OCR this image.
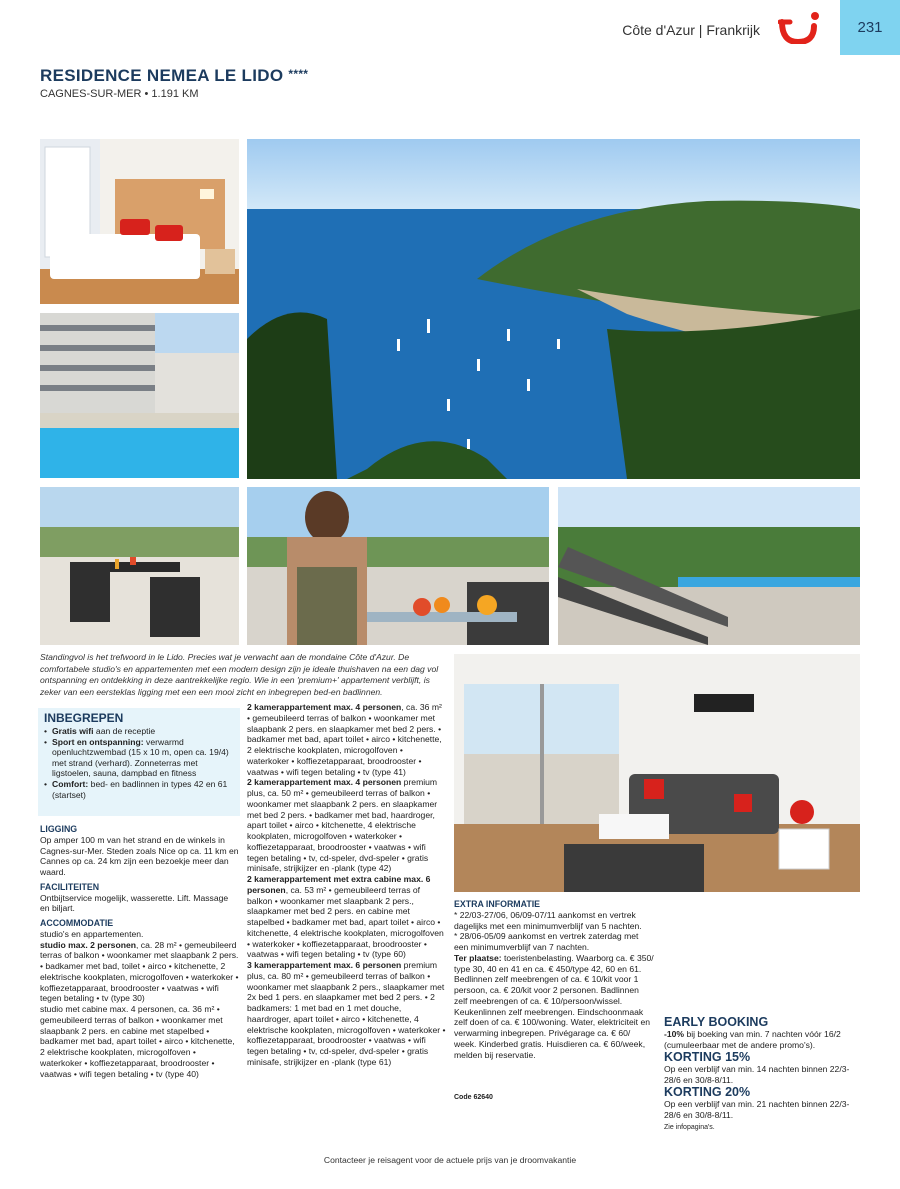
Côte d'Azur | Frankrijk	231
RESIDENCE NEMEA LE LIDO ****
CAGNES-SUR-MER • 1.191 KM
Standingvol is het trefwoord in le Lido. Precies wat je verwacht aan de mondaine Côte d'Azur. De comfortabele studio's en appartementen met een modern design zijn je ideale thuishaven na een dag vol ontspanning en ontdekking in deze aantrekkelijke regio. Wie in een 'premium+' appartement verblijft, is zeker van een eersteklas ligging met een een mooi zicht en inbegrepen bed-en badlinnen.
INBEGREPEN
• Gratis wifi aan de receptie
• Sport en ontspanning: verwarmd openluchtzwembad (15 x 10 m, open ca. 19/4) met strand (verhard). Zonneterras met ligstoelen, sauna, dampbad en fitness
• Comfort: bed- en badlinnen in types 42 en 61 (startset)
LIGGING

Op amper 100 m van het strand en de winkels in Cagnes-sur-Mer. Steden zoals Nice op ca. 11 km en Cannes op ca. 24 km zijn een bezoekje meer dan waard.

FACILITEITEN

Ontbijtservice mogelijk, wasserette. Lift. Massage en biljart.

ACCOMMODATIE

studio's en appartementen.

studio max. 2 personen, ca. 28 m² • gemeubileerd terras of balkon • woonkamer met slaapbank 2 pers. • badkamer met bad, toilet • airco • kitchenette, 2 elektrische kookplaten, microgolfoven • waterkoker • koffiezetapparaat, broodrooster • vaatwas • wifi tegen betaling • tv (type 30)

studio met cabine max. 4 personen, ca. 36 m² • gemeubileerd terras of balkon • woonkamer met slaapbank 2 pers. en cabine met stapelbed • badkamer met bad, apart toilet • airco • kitchenette, 2 elektrische kookplaten, microgolfoven • waterkoker • koffiezetapparaat, broodrooster • vaatwas • wifi tegen betaling • tv (type 40)

2 kamerappartement max. 4 personen, ca. 36 m² • gemeubileerd terras of balkon • woonkamer met slaapbank 2 pers. en slaapkamer met bed 2 pers. • badkamer met bad, apart toilet • airco • kitchenette, 2 elektrische kookplaten, microgolfoven • waterkoker • koffiezetapparaat, broodrooster • vaatwas • wifi tegen betaling • tv (type 41)

2 kamerappartement max. 4 personen premium plus, ca. 50 m² • gemeubileerd terras of balkon • woonkamer met slaapbank 2 pers. en slaapkamer met bed 2 pers. • badkamer met bad, haardroger, apart toilet • airco • kitchenette, 4 elektrische kookplaten, microgolfoven • waterkoker • koffiezetapparaat, broodrooster • vaatwas • wifi tegen betaling • tv, cd-speler, dvd-speler • gratis minisafe, strijkijzer en -plank (type 42)

2 kamerappartement met extra cabine max. 6 personen, ca. 53 m² • gemeubileerd terras of balkon • woonkamer met slaapbank 2 pers., slaapkamer met bed 2 pers. en cabine met stapelbed • badkamer met bad, apart toilet • airco • kitchenette, 4 elektrische kookplaten, microgolfoven • waterkoker • koffiezetapparaat, broodrooster • vaatwas • wifi tegen betaling • tv (type 60)

3 kamerappartement max. 6 personen premium plus, ca. 80 m² • gemeubileerd terras of balkon • woonkamer met slaapbank 2 pers., slaapkamer met 2x bed 1 pers. en slaapkamer met bed 2 pers. • 2 badkamers: 1 met bad en 1 met douche, haardroger, apart toilet • airco • kitchenette, 4 elektrische kookplaten, microgolfoven • waterkoker • koffiezetapparaat, broodrooster • vaatwas • wifi tegen betaling • tv, cd-speler, dvd-speler • gratis minisafe, strijkijzer en -plank (type 61)

EXTRA INFORMATIE

* 22/03-27/06, 06/09-07/11 aankomst en vertrek dagelijks met een minimumverblijf van 5 nachten.

* 28/06-05/09 aankomst en vertrek zaterdag met een minimumverblijf van 7 nachten.

Ter plaatse: toeristenbelasting. Waarborg ca. € 350/ type 30, 40 en 41 en ca. € 450/type 42, 60 en 61. Bedlinnen zelf meebrengen of ca. € 10/kit voor 1 persoon, ca. € 20/kit voor 2 personen. Badlinnen zelf meebrengen of ca. € 10/persoon/wissel. Keukenlinnen zelf meebrengen. Eindschoonmaak zelf doen of ca. € 100/woning. Water, elektriciteit en verwarming inbegrepen. Privégarage ca. € 60/ week. Kinderbed gratis. Huisdieren ca. € 60/week, melden bij reservatie.

Code 62640
EARLY BOOKING

-10% bij boeking van min. 7 nachten vóór 16/2 (cumuleerbaar met de andere promo's).

KORTING 15%

Op een verblijf van min. 14 nachten binnen 22/3-28/6 en 30/8-8/11.

KORTING 20%

Op een verblijf van min. 21 nachten binnen 22/3-28/6 en 30/8-8/11.

Zie infopagina's.

Contacteer je reisagent voor de actuele prijs van je droomvakantie
